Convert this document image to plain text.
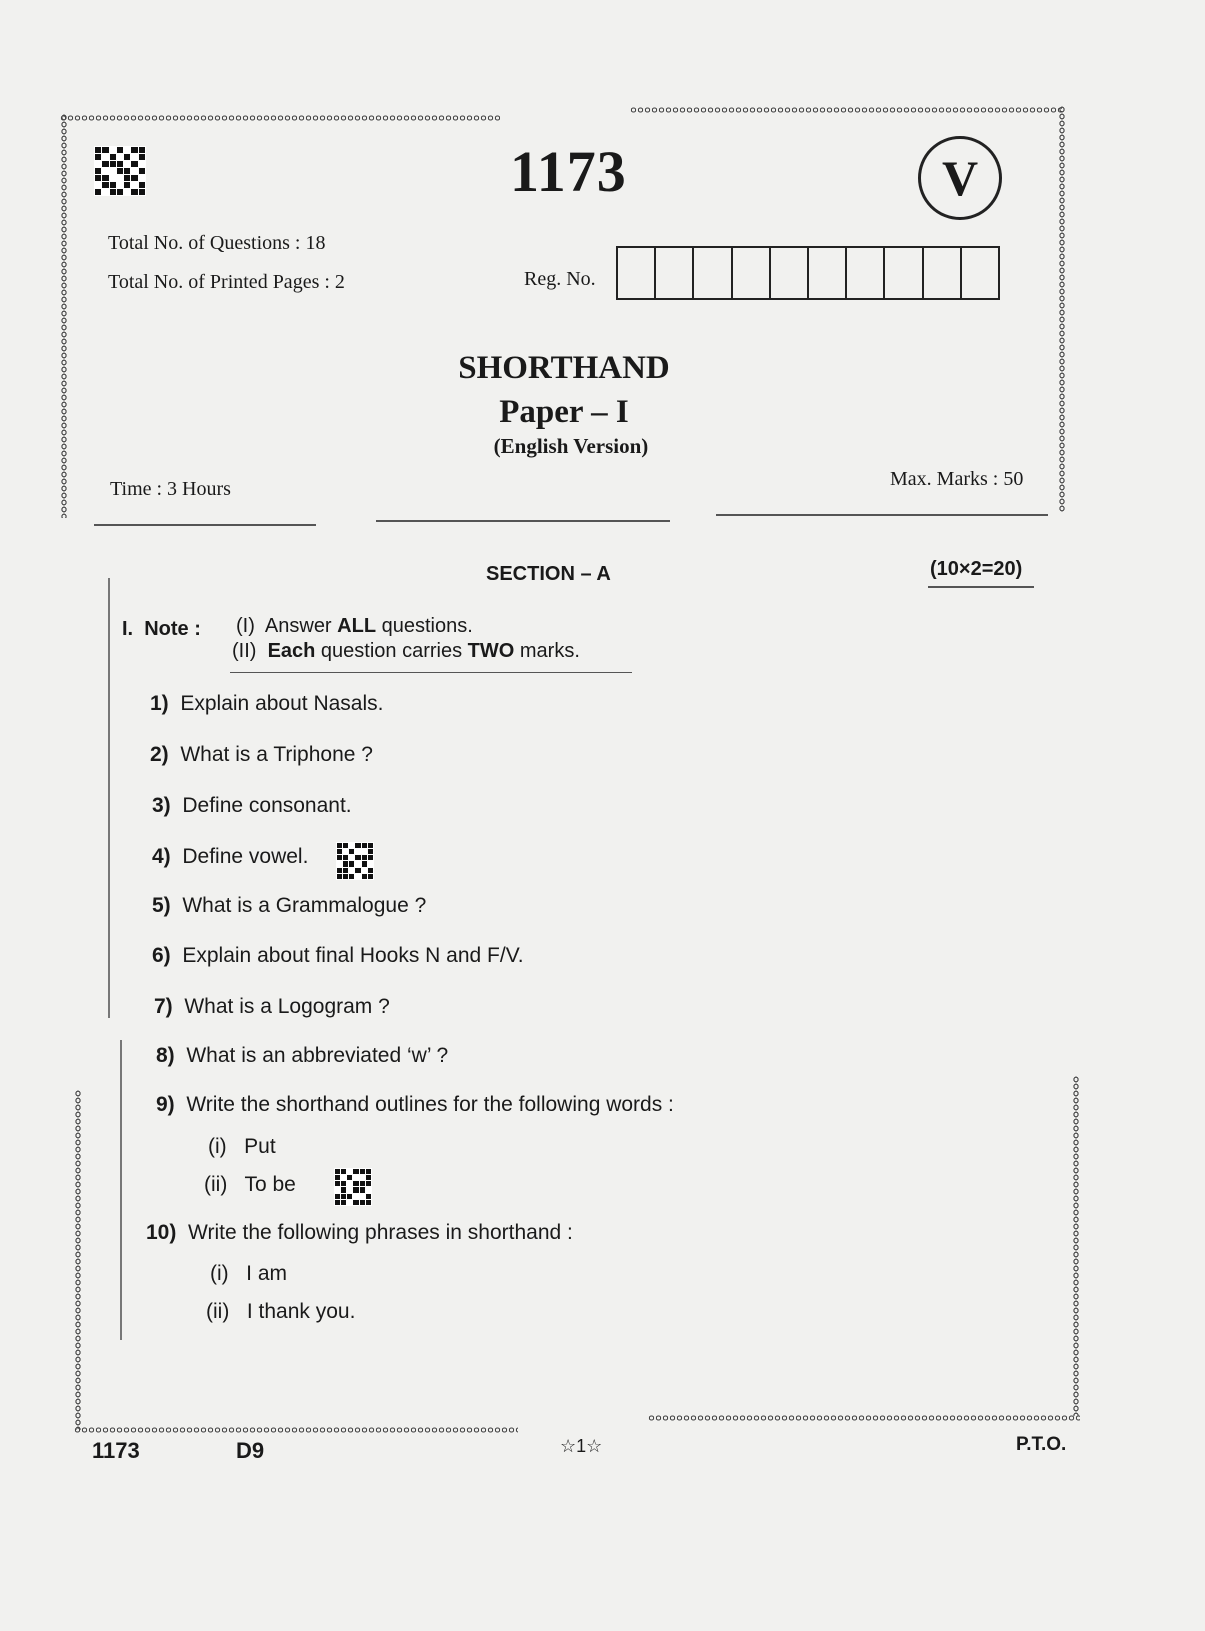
1173	V
Total No. of Questions : 18
Total No. of Printed Pages : 2	Reg. No.
SHORTHAND
Paper – I
(English Version)
Time : 3 Hours	Max. Marks : 50
SECTION – A	(10×2=20)
I.  Note : (I) Answer ALL questions.
(II) Each question carries TWO marks.
1) Explain about Nasals.
2) What is a Triphone ?
3) Define consonant.
4) Define vowel.
5) What is a Grammalogue ?
6) Explain about final Hooks N and F/V.
7) What is a Logogram ?
8) What is an abbreviated ‘w’ ?
9) Write the shorthand outlines for the following words :
(i) Put
(ii) To be
10) Write the following phrases in shorthand :
(i) I am
(ii) I thank you.
1173	D9	☆1☆	P.T.O.
